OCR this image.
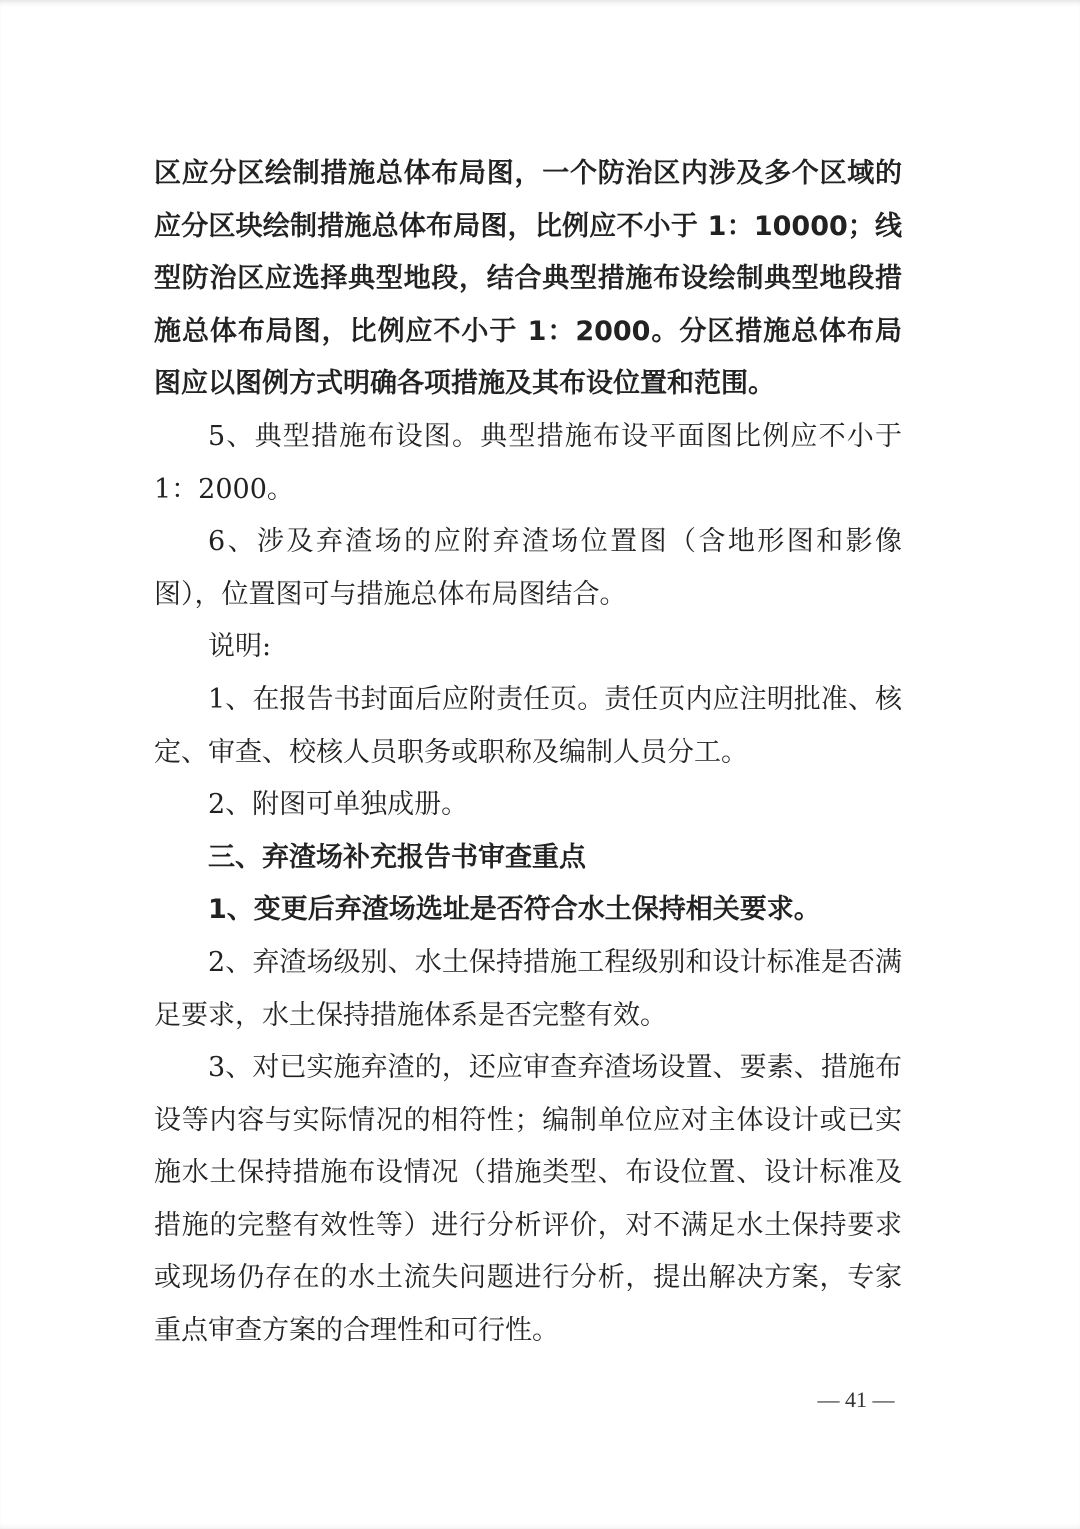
区应分区绘制措施总体布局图，一个防治区内涉及多个区域的应分区块绘制措施总体布局图，比例应不小于 1：10000；线型防治区应选择典型地段，结合典型措施布设绘制典型地段措施总体布局图，比例应不小于 1：2000。分区措施总体布局图应以图例方式明确各项措施及其布设位置和范围。

5、典型措施布设图。典型措施布设平面图比例应不小于 1：2000。

6、涉及弃渣场的应附弃渣场位置图（含地形图和影像图），位置图可与措施总体布局图结合。

说明:

1、在报告书封面后应附责任页。责任页内应注明批准、核定、审查、校核人员职务或职称及编制人员分工。

2、附图可单独成册。

三、弃渣场补充报告书审查重点

1、变更后弃渣场选址是否符合水土保持相关要求。

2、弃渣场级别、水土保持措施工程级别和设计标准是否满足要求，水土保持措施体系是否完整有效。

3、对已实施弃渣的，还应审查弃渣场设置、要素、措施布设等内容与实际情况的相符性；编制单位应对主体设计或已实施水土保持措施布设情况（措施类型、布设位置、设计标准及措施的完整有效性等）进行分析评价，对不满足水土保持要求或现场仍存在的水土流失问题进行分析，提出解决方案，专家重点审查方案的合理性和可行性。

— 41 —
